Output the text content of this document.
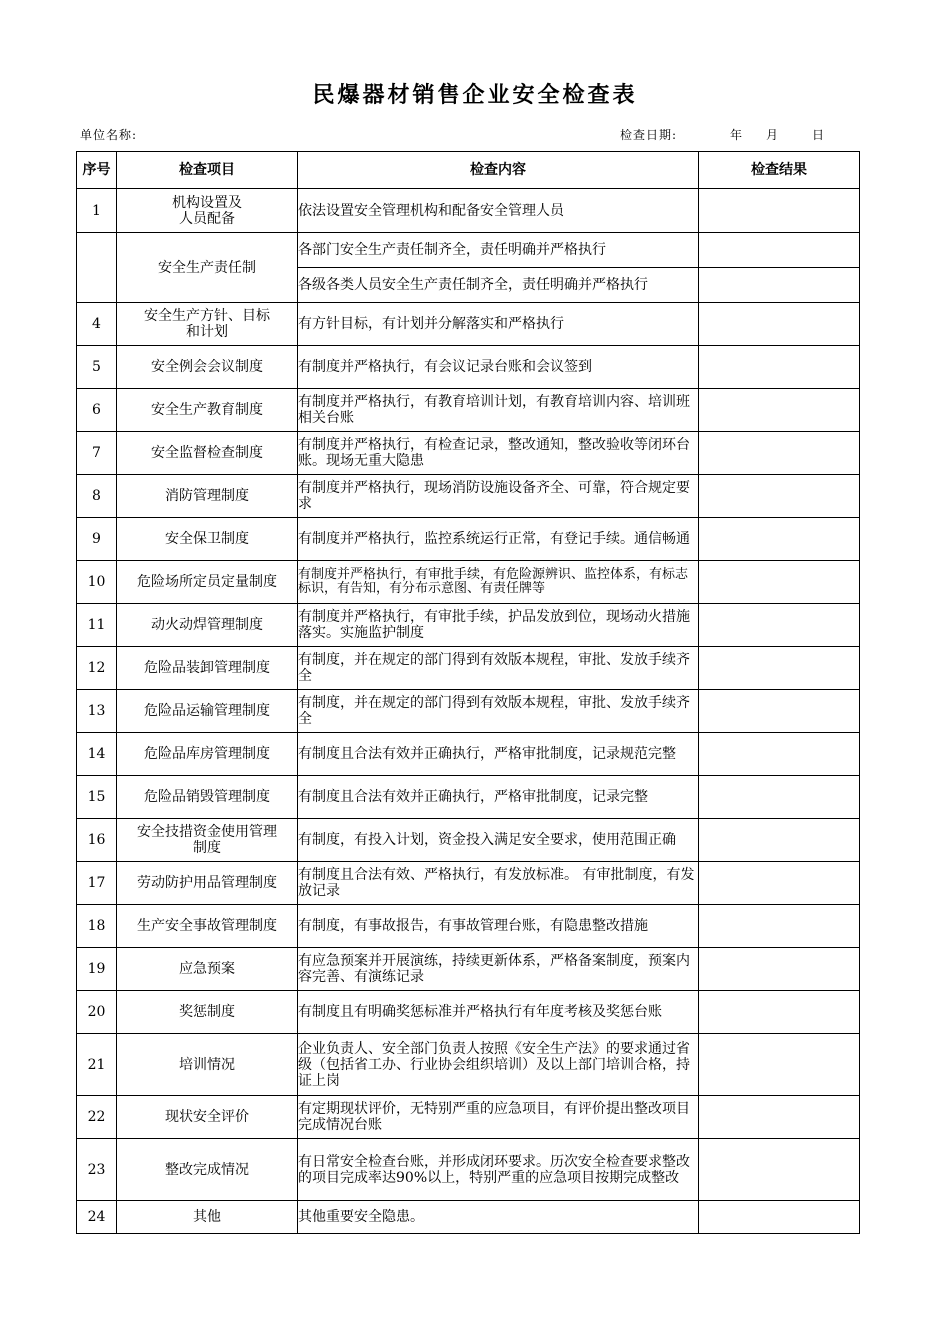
民爆器材销售企业安全检查表
单位名称:	检查日期:	年 月	日
序号	检查项目	检查内容	检查结果
1	机构设置及
人员配备	依法设置安全管理机构和配备安全管理人员	
	安全生产责任制	各部门安全生产责任制齐全，责任明确并严格执行	
		各级各类人员安全生产责任制齐全，责任明确并严格执行	
4	安全生产方针、目标
和计划	有方针目标，有计划并分解落实和严格执行	
5	安全例会会议制度	有制度并严格执行，有会议记录台账和会议签到	
6	安全生产教育制度	有制度并严格执行，有教育培训计划，有教育培训内容、培训班相关台账	
7	安全监督检查制度	有制度并严格执行，有检查记录，整改通知，整改验收等闭环台账。现场无重大隐患	
8	消防管理制度	有制度并严格执行，现场消防设施设备齐全、可靠，符合规定要求	
9	安全保卫制度	有制度并严格执行，监控系统运行正常，有登记手续。通信畅通	
10	危险场所定员定量制度	有制度并严格执行，有审批手续，有危险源辨识、监控体系，有标志标识，有告知，有分布示意图、有责任牌等	
11	动火动焊管理制度	有制度并严格执行，有审批手续，护品发放到位，现场动火措施落实。实施监护制度	
12	危险品装卸管理制度	有制度，并在规定的部门得到有效版本规程，审批、发放手续齐全	
13	危险品运输管理制度	有制度，并在规定的部门得到有效版本规程，审批、发放手续齐全	
14	危险品库房管理制度	有制度且合法有效并正确执行，严格审批制度，记录规范完整	
15	危险品销毁管理制度	有制度且合法有效并正确执行，严格审批制度，记录完整	
16	安全技措资金使用管理
制度	有制度，有投入计划，资金投入满足安全要求，使用范围正确	
17	劳动防护用品管理制度	有制度且合法有效、严格执行，有发放标准。 有审批制度，有发放记录	
18	生产安全事故管理制度	有制度，有事故报告，有事故管理台账，有隐患整改措施	
19	应急预案	有应急预案并开展演练，持续更新体系，严格备案制度，预案内容完善、有演练记录	
20	奖惩制度	有制度且有明确奖惩标准并严格执行有年度考核及奖惩台账	
21	培训情况	企业负责人、安全部门负责人按照《安全生产法》的要求通过省级（包括省工办、行业协会组织培训）及以上部门培训合格，持证上岗	
22	现状安全评价	有定期现状评价，无特别严重的应急项目，有评价提出整改项目完成情况台账	
23	整改完成情况	有日常安全检查台账，并形成闭环要求。历次安全检查要求整改的项目完成率达90%以上，特别严重的应急项目按期完成整改	
24	其他	其他重要安全隐患。	
